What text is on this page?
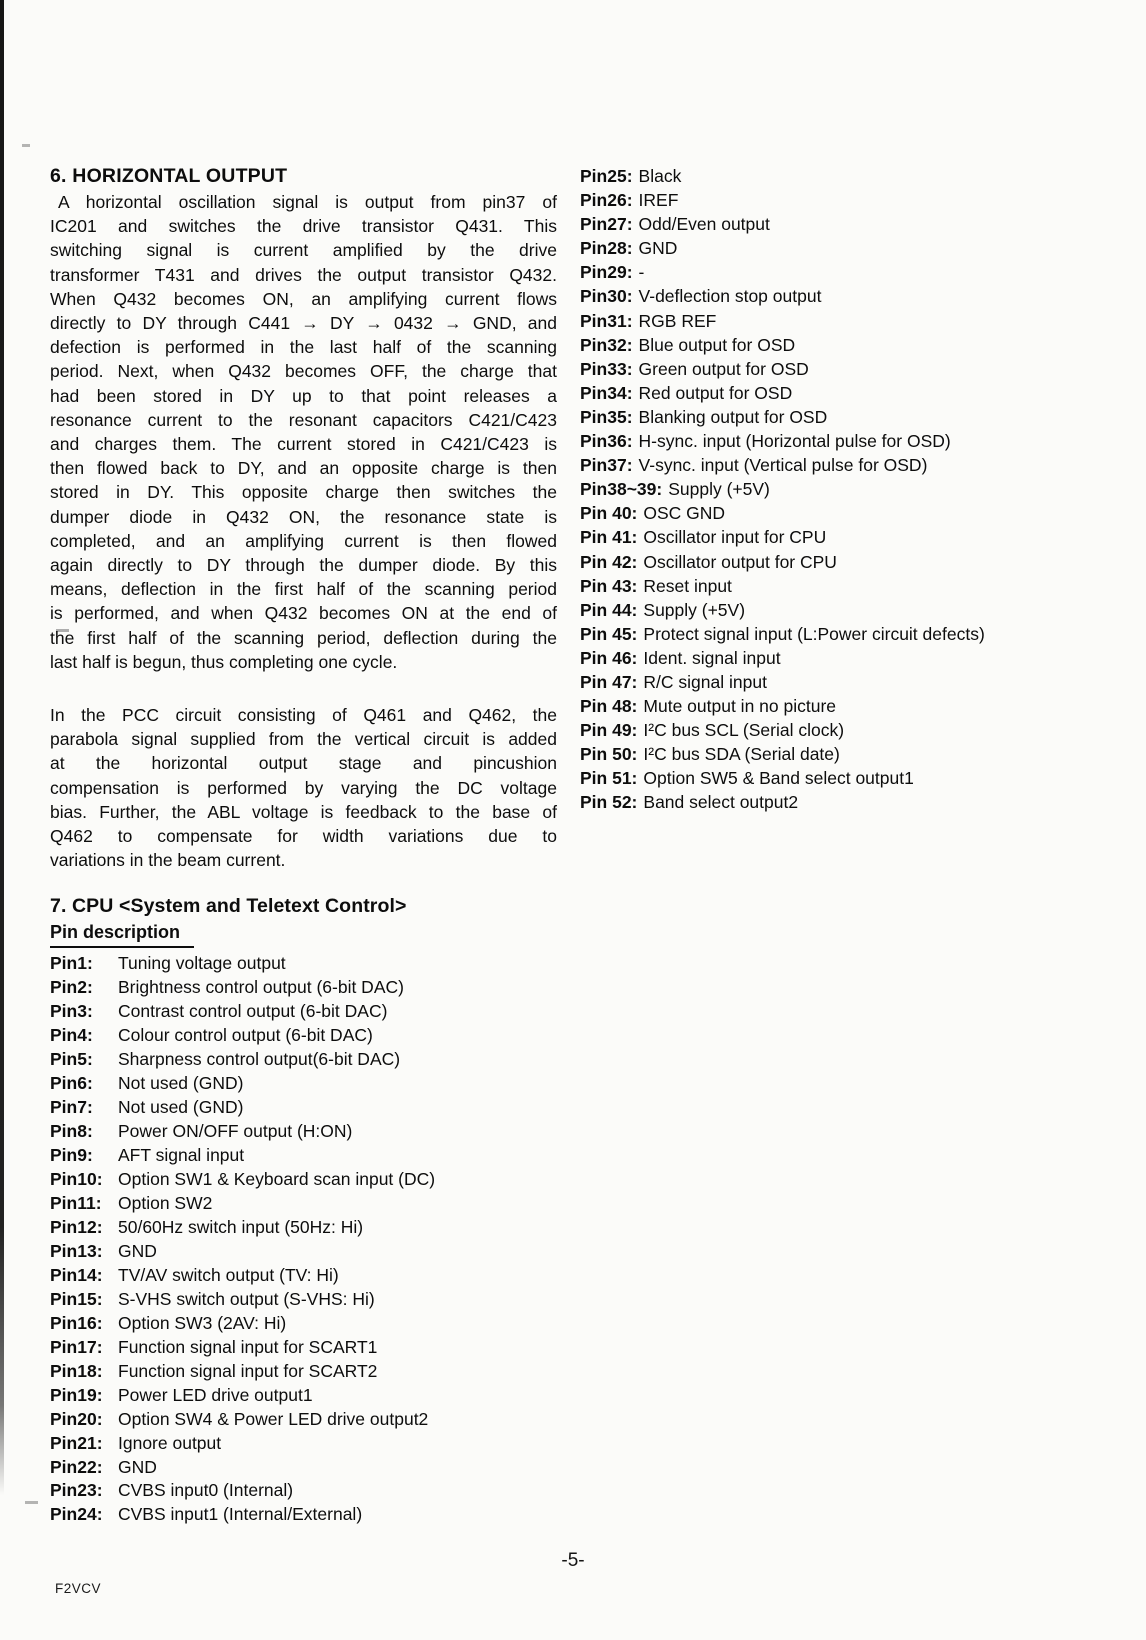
6. HORIZONTAL OUTPUT
A horizontal oscillation signal is output from pin37 of
IC201 and switches the drive transistor Q431. This
switching signal is current amplified by the drive
transformer T431 and drives the output transistor Q432.
When Q432 becomes ON, an amplifying current flows
directly to DY through C441 → DY → 0432 → GND, and
defection is performed in the last half of the scanning
period. Next, when Q432 becomes OFF, the charge that
had been stored in DY up to that point releases a
resonance current to the resonant capacitors C421/C423
and charges them. The current stored in C421/C423 is
then flowed back to DY, and an opposite charge is then
stored in DY. This opposite charge then switches the
dumper diode in Q432 ON, the resonance state is
completed, and an amplifying current is then flowed
again directly to DY through the dumper diode. By this
means, deflection in the first half of the scanning period
is performed, and when Q432 becomes ON at the end of
the first half of the scanning period, deflection during the
last half is begun, thus completing one cycle.
In the PCC circuit consisting of Q461 and Q462, the
parabola signal supplied from the vertical circuit is added
at the horizontal output stage and pincushion
compensation is performed by varying the DC voltage
bias. Further, the ABL voltage is feedback to the base of
Q462 to compensate for width variations due to
variations in the beam current.
7. CPU <System and Teletext Control>
Pin description
Pin1:	Tuning voltage output
Pin2:	Brightness control output (6-bit DAC)
Pin3:	Contrast control output (6-bit DAC)
Pin4:	Colour control output (6-bit DAC)
Pin5:	Sharpness control output(6-bit DAC)
Pin6:	Not used (GND)
Pin7:	Not used (GND)
Pin8:	Power ON/OFF output (H:ON)
Pin9:	AFT signal input
Pin10: Option SW1 & Keyboard scan input (DC)
Pin11: Option SW2
Pin12: 50/60Hz switch input (50Hz: Hi)
Pin13: GND
Pin14: TV/AV switch output (TV: Hi)
Pin15: S-VHS switch output (S-VHS: Hi)
Pin16: Option SW3 (2AV: Hi)
Pin17: Function signal input for SCART1
Pin18: Function signal input for SCART2
Pin19: Power LED drive output1
Pin20: Option SW4 & Power LED drive output2
Pin21: Ignore output
Pin22: GND
Pin23: CVBS input0 (Internal)
Pin24: CVBS input1 (Internal/External)
Pin25: Black
Pin26: IREF
Pin27: Odd/Even output
Pin28: GND
Pin29: -
Pin30: V-deflection stop output
Pin31: RGB REF
Pin32: Blue output for OSD
Pin33: Green output for OSD
Pin34: Red output for OSD
Pin35: Blanking output for OSD
Pin36: H-sync. input (Horizontal pulse for OSD)
Pin37: V-sync. input (Vertical pulse for OSD)
Pin38~39: Supply (+5V)
Pin 40: OSC GND
Pin 41: Oscillator input for CPU
Pin 42: Oscillator output for CPU
Pin 43: Reset input
Pin 44: Supply (+5V)
Pin 45: Protect signal input (L:Power circuit defects)
Pin 46: Ident. signal input
Pin 47: R/C signal input
Pin 48: Mute output in no picture
Pin 49: I²C bus SCL (Serial clock)
Pin 50: I²C bus SDA (Serial date)
Pin 51: Option SW5 & Band select output1
Pin 52: Band select output2
-5-
F2VCV
